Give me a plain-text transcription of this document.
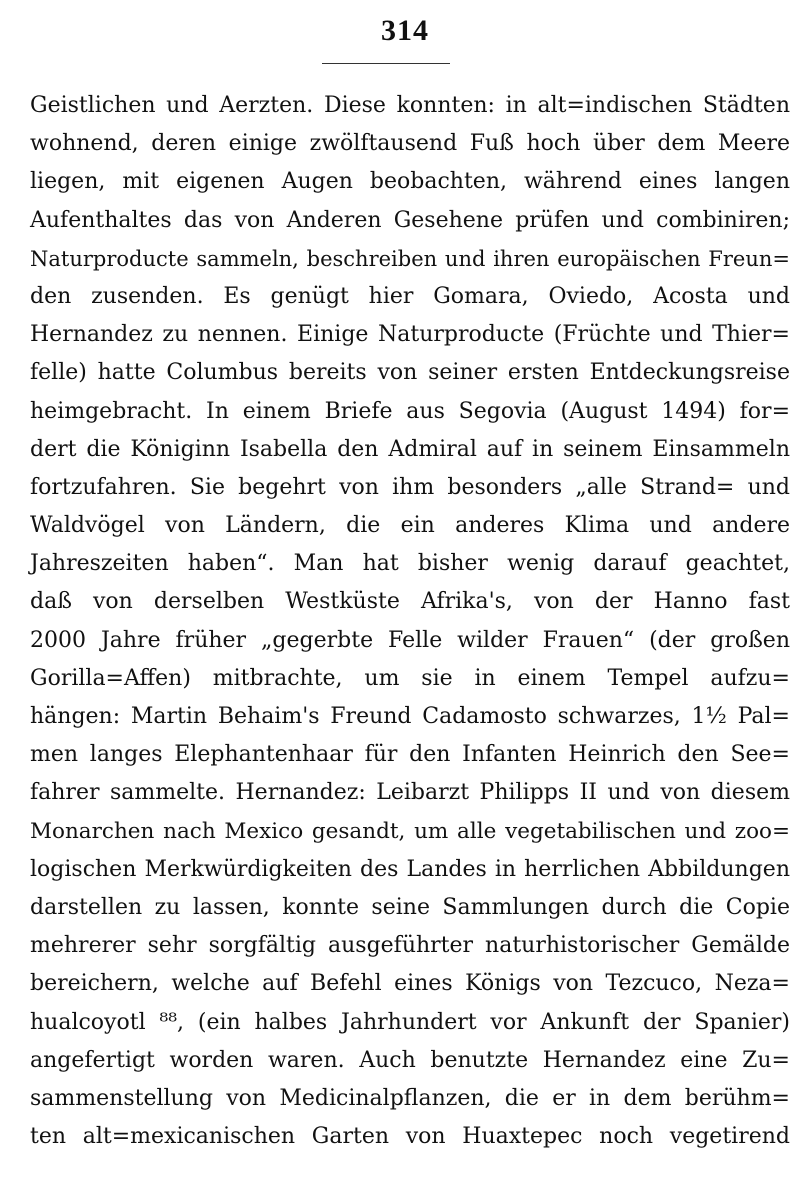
314
Geistlichen und Aerzten. Diese konnten: in alt=indischen Städten
wohnend, deren einige zwölftausend Fuß hoch über dem Meere
liegen, mit eigenen Augen beobachten, während eines langen
Aufenthaltes das von Anderen Gesehene prüfen und combiniren;
Naturproducte sammeln, beschreiben und ihren europäischen Freun=
den zusenden. Es genügt hier Gomara, Oviedo, Acosta und
Hernandez zu nennen. Einige Naturproducte (Früchte und Thier=
felle) hatte Columbus bereits von seiner ersten Entdeckungsreise
heimgebracht. In einem Briefe aus Segovia (August 1494) for=
dert die Königinn Isabella den Admiral auf in seinem Einsammeln
fortzufahren. Sie begehrt von ihm besonders „alle Strand= und
Waldvögel von Ländern, die ein anderes Klima und andere
Jahreszeiten haben“. Man hat bisher wenig darauf geachtet,
daß von derselben Westküste Afrika's, von der Hanno fast
2000 Jahre früher „gegerbte Felle wilder Frauen“ (der großen
Gorilla=Affen) mitbrachte, um sie in einem Tempel aufzu=
hängen: Martin Behaim's Freund Cadamosto schwarzes, 1½ Pal=
men langes Elephantenhaar für den Infanten Heinrich den See=
fahrer sammelte. Hernandez: Leibarzt Philipps II und von diesem
Monarchen nach Mexico gesandt, um alle vegetabilischen und zoo=
logischen Merkwürdigkeiten des Landes in herrlichen Abbildungen
darstellen zu lassen, konnte seine Sammlungen durch die Copie
mehrerer sehr sorgfältig ausgeführter naturhistorischer Gemälde
bereichern, welche auf Befehl eines Königs von Tezcuco, Neza=
hualcoyotl ⁸⁸, (ein halbes Jahrhundert vor Ankunft der Spanier)
angefertigt worden waren. Auch benutzte Hernandez eine Zu=
sammenstellung von Medicinalpflanzen, die er in dem berühm=
ten alt=mexicanischen Garten von Huaxtepec noch vegetirend
